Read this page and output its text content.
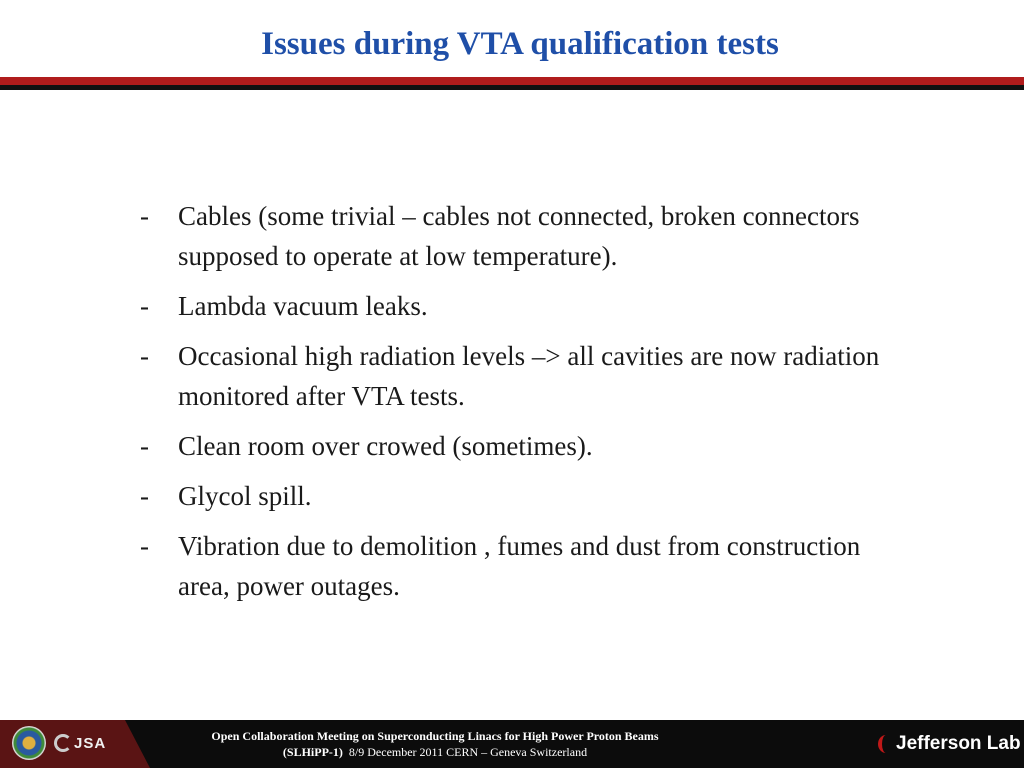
Issues during VTA qualification tests
- Cables (some trivial – cables not connected, broken connectors supposed to operate at low temperature).
- Lambda vacuum leaks.
- Occasional high radiation levels –> all cavities are now radiation monitored after VTA tests.
- Clean room over crowed (sometimes).
- Glycol spill.
- Vibration due to demolition , fumes and dust from construction area, power outages.
JSA	Open Collaboration Meeting on Superconducting Linacs for High Power Proton Beams
(SLHiPP-1) 8/9 December 2011 CERN – Geneva Switzerland	Jefferson Lab
